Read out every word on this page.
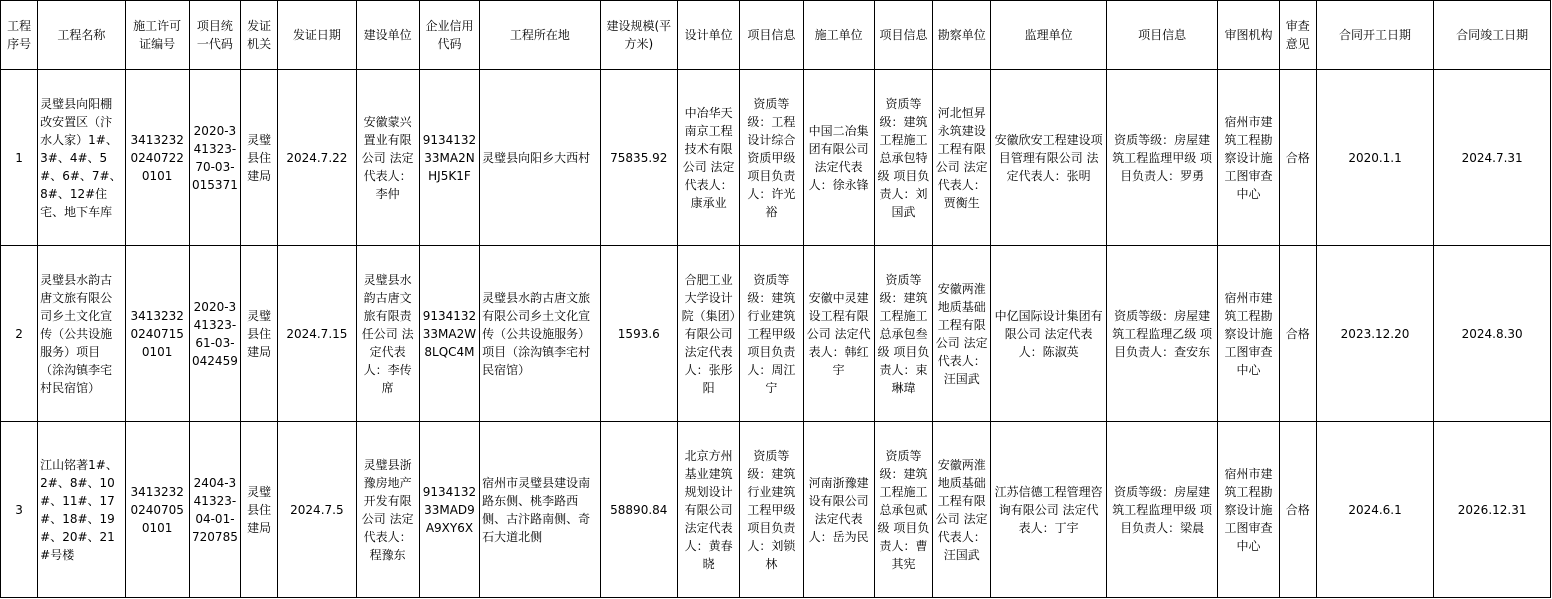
工程序号	工程名称	施工许可证编号	项目统一代码	发证机关	发证日期	建设单位	企业信用代码	工程所在地	建设规模(平方米)	设计单位	项目信息	施工单位	项目信息	勘察单位	监理单位	项目信息	审图机构	审查意见	合同开工日期	合同竣工日期
1	灵璧县向阳棚改安置区（汴水人家）1#、3#、4#、5#、6#、7#、8#、12#住宅、地下车库	341323202407220101	2020-341323-70-03-015371	灵璧县住建局	2024.7.22	安徽蒙兴置业有限公司 法定代表人：李仲	913413233MA2NHJ5K1F	灵璧县向阳乡大西村	75835.92	中冶华天南京工程技术有限公司 法定代表人：康承业	资质等级：工程设计综合资质甲级 项目负责人：许光裕	中国二冶集团有限公司 法定代表人：徐永锋	资质等级：建筑工程施工总承包特级 项目负责人：刘国武	河北恒昇永筑建设工程有限公司 法定代表人：贾衡生	安徽欣安工程建设项目管理有限公司 法定代表人：张明	资质等级：房屋建筑工程监理甲级 项目负责人：罗勇	宿州市建筑工程勘察设计施工图审查中心	合格	2020.1.1	2024.7.31
2	灵璧县水韵古唐文旅有限公司乡土文化宣传（公共设施服务）项目（涂沟镇李宅村民宿馆）	341323202407150101	2020-341323-61-03-042459	灵璧县住建局	2024.7.15	灵璧县水韵古唐文旅有限责任公司 法定代表人：李传席	913413233MA2W8LQC4M	灵璧县水韵古唐文旅有限公司乡土文化宣传（公共设施服务）项目（涂沟镇李宅村民宿馆）	1593.6	合肥工业大学设计院（集团）有限公司 法定代表人：张彤阳	资质等级：建筑行业建筑工程甲级 项目负责人：周江宁	安徽中灵建设工程有限公司 法定代表人：韩红宇	资质等级：建筑工程施工总承包叁级 项目负责人：束琳瑋	安徽两淮地质基础工程有限公司 法定代表人：汪国武	中亿国际设计集团有限公司 法定代表人：陈淑英	资质等级：房屋建筑工程监理乙级 项目负责人：查安东	宿州市建筑工程勘察设计施工图审查中心	合格	2023.12.20	2024.8.30
3	江山铭著1#、2#、8#、10#、11#、17#、18#、19#、20#、21#号楼	341323202407050101	2404-341323-04-01-720785	灵璧县住建局	2024.7.5	灵璧县浙豫房地产开发有限公司 法定代表人：程豫东	913413233MAD9A9XY6X	宿州市灵璧县建设南路东侧、桃李路西侧、古汴路南侧、奇石大道北侧	58890.84	北京方州基业建筑规划设计有限公司 法定代表人：黄春晓	资质等级：建筑行业建筑工程甲级 项目负责人：刘锁林	河南浙豫建设有限公司 法定代表人：岳为民	资质等级：建筑工程施工总承包贰级 项目负责人：曹其宪	安徽两淮地质基础工程有限公司 法定代表人：汪国武	江苏信德工程管理咨询有限公司 法定代表人：丁宇	资质等级：房屋建筑工程监理甲级 项目负责人：梁晨	宿州市建筑工程勘察设计施工图审查中心	合格	2024.6.1	2026.12.31
